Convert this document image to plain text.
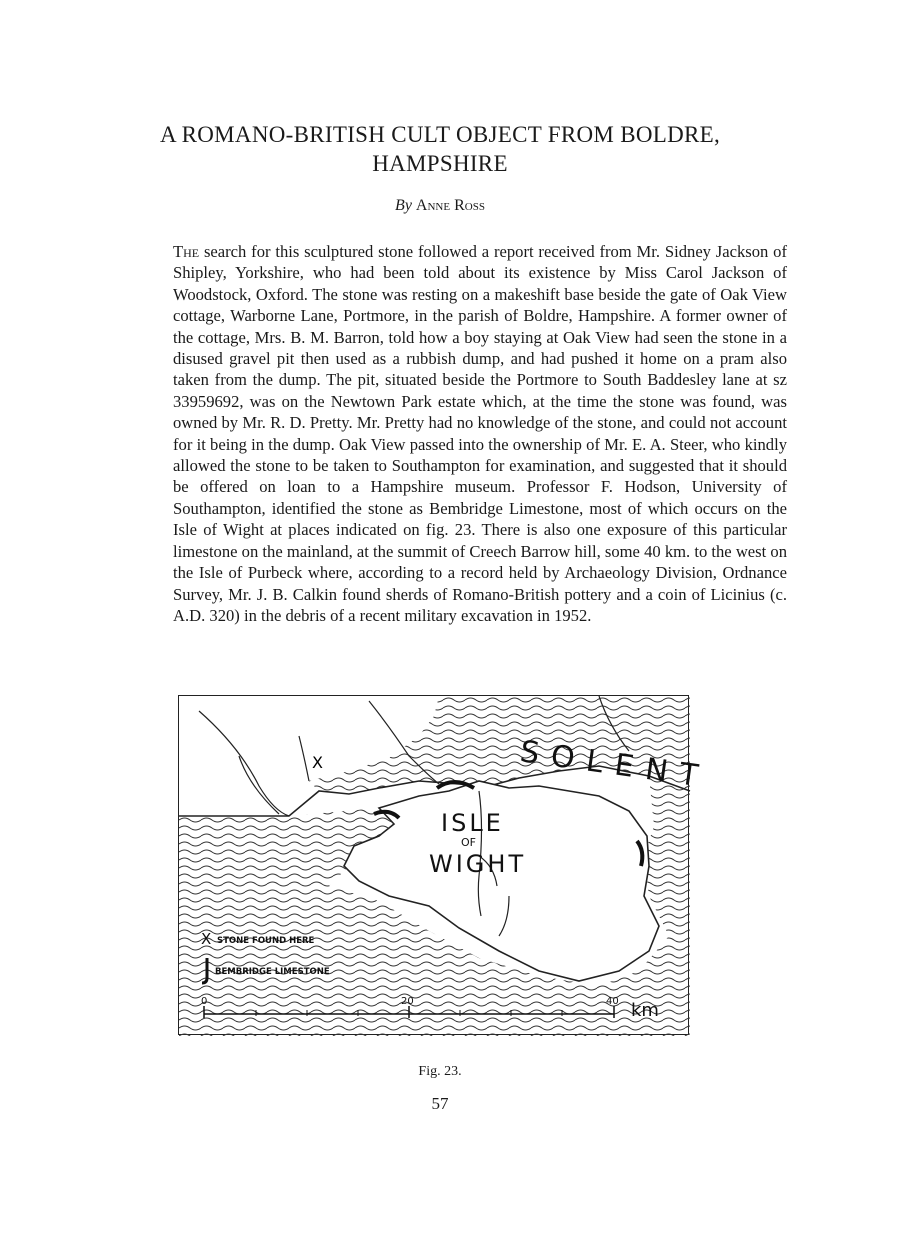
A ROMANO-BRITISH CULT OBJECT FROM BOLDRE,
HAMPSHIRE
By Anne Ross
The search for this sculptured stone followed a report received from Mr. Sidney Jackson of Shipley, Yorkshire, who had been told about its existence by Miss Carol Jackson of Woodstock, Oxford. The stone was resting on a makeshift base beside the gate of Oak View cottage, Warborne Lane, Portmore, in the parish of Boldre, Hampshire. A former owner of the cottage, Mrs. B. M. Barron, told how a boy staying at Oak View had seen the stone in a disused gravel pit then used as a rubbish dump, and had pushed it home on a pram also taken from the dump. The pit, situated beside the Portmore to South Baddesley lane at sz 33959692, was on the Newtown Park estate which, at the time the stone was found, was owned by Mr. R. D. Pretty. Mr. Pretty had no knowledge of the stone, and could not account for it being in the dump. Oak View passed into the ownership of Mr. E. A. Steer, who kindly allowed the stone to be taken to Southampton for examination, and suggested that it should be offered on loan to a Hampshire museum. Professor F. Hodson, University of Southampton, identified the stone as Bembridge Limestone, most of which occurs on the Isle of Wight at places indicated on fig. 23. There is also one exposure of this particular limestone on the mainland, at the summit of Creech Barrow hill, some 40 km. to the west on the Isle of Purbeck where, according to a record held by Archaeology Division, Ordnance Survey, Mr. J. B. Calkin found sherds of Romano-British pottery and a coin of Licinius (c. A.D. 320) in the debris of a recent military excavation in 1952.
X	SOLENT
ISLE
OF
WIGHT
X STONE FOUND HERE
BEMBRIDGE LIMESTONE
0	20	40 km
Fig. 23.
57
